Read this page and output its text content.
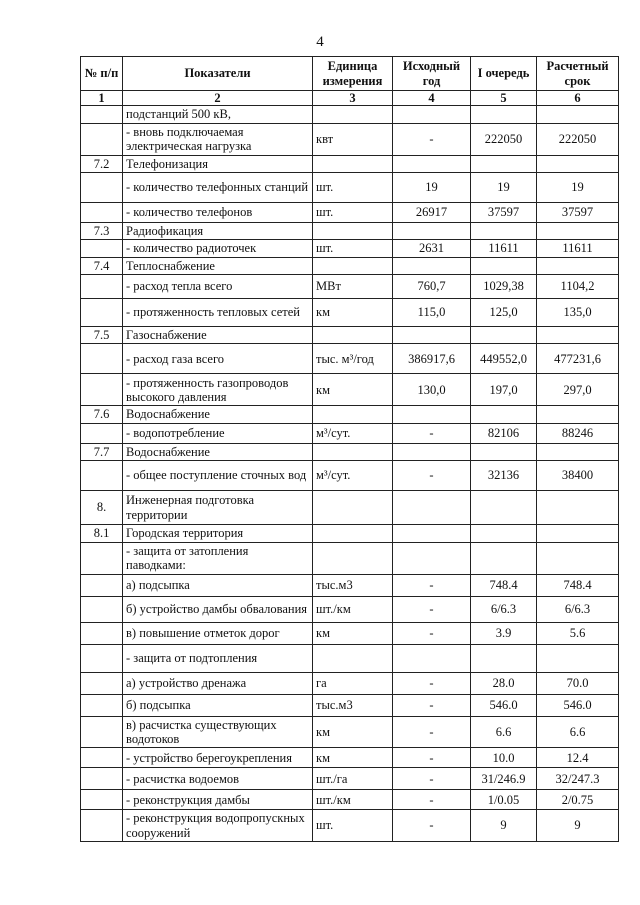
4
№ п/п	Показатели	Единица измерения	Исходный год	I очередь	Расчетный срок
1	2	3	4	5	6
	подстанций 500 кВ,				
	- вновь подключаемая электрическая нагрузка	квт	-	222050	222050
7.2	Телефонизация				
	- количество телефонных станций	шт.	19	19	19
	- количество телефонов	шт.	26917	37597	37597
7.3	Радиофикация				
	- количество радиоточек	шт.	2631	11611	11611
7.4	Теплоснабжение				
	- расход тепла всего	МВт	760,7	1029,38	1104,2
	- протяженность тепловых сетей	км	115,0	125,0	135,0
7.5	Газоснабжение				
	- расход газа всего	тыс. м³/год	386917,6	449552,0	477231,6
	- протяженность газопроводов высокого давления	км	130,0	197,0	297,0
7.6	Водоснабжение				
	- водопотребление	м³/сут.	-	82106	88246
7.7	Водоснабжение				
	- общее поступление сточных вод	м³/сут.	-	32136	38400
8.	Инженерная подготовка территории				
8.1	Городская территория				
	- защита от затопления паводками:				
	а) подсыпка	тыс.м3	-	748.4	748.4
	б) устройство дамбы обвалования	шт./км	-	6/6.3	6/6.3
	в) повышение отметок дорог	км	-	3.9	5.6
	- защита от подтопления				
	а) устройство дренажа	га	-	28.0	70.0
	б) подсыпка	тыс.м3	-	546.0	546.0
	в) расчистка существующих водотоков	км	-	6.6	6.6
	- устройство берегоукрепления	км	-	10.0	12.4
	- расчистка водоемов	шт./га	-	31/246.9	32/247.3
	- реконструкция дамбы	шт./км	-	1/0.05	2/0.75
	- реконструкция водопропускных сооружений	шт.	-	9	9
